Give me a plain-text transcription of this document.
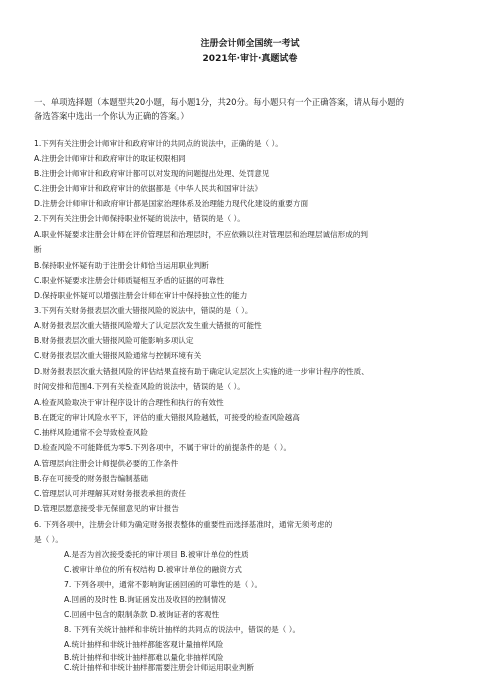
注册会计师全国统一考试
2021年·审计·真题试卷
一、单项选择题（本题型共20小题，每小题1分，共20分。每小题只有一个正确答案，请从每小题的
备选答案中选出一个你认为正确的答案。）
1.下列有关注册会计师审计和政府审计的共同点的说法中，正确的是（ ）。
A.注册会计师审计和政府审计的取证权限相同
B.注册会计师审计和政府审计都可以对发现的问题提出处理、处罚意见
C.注册会计师审计和政府审计的依据都是《中华人民共和国审计法》
D.注册会计师审计和政府审计都是国家治理体系及治理能力现代化建设的重要方面
2.下列有关注册会计师保持职业怀疑的说法中，错误的是（ ）。
A.职业怀疑要求注册会计师在评价管理层和治理层时，不应依赖以往对管理层和治理层诚信形成的判
断
B.保持职业怀疑有助于注册会计师恰当运用职业判断
C.职业怀疑要求注册会计师质疑相互矛盾的证据的可靠性
D.保持职业怀疑可以增强注册会计师在审计中保持独立性的能力
3.下列有关财务报表层次重大错报风险的说法中，错误的是（ ）。
A.财务报表层次重大错报风险增大了认定层次发生重大错报的可能性
B.财务报表层次重大错报风险可能影响多项认定
C.财务报表层次重大错报风险通常与控制环境有关
D.财务报表层次重大错报风险的评估结果直接有助于确定认定层次上实施的进一步审计程序的性质、
时间安排和范围4.下列有关检查风险的说法中，错误的是（ ）。
A.检查风险取决于审计程序设计的合理性和执行的有效性
B.在既定的审计风险水平下，评估的重大错报风险越低，可接受的检查风险越高
C.抽样风险通常不会导致检查风险
D.检查风险不可能降低为零5.下列各项中，不属于审计的前提条件的是（ ）。
A.管理层向注册会计师提供必要的工作条件
B.存在可接受的财务报告编制基础
C.管理层认可并理解其对财务报表承担的责任
D.管理层愿意接受非无保留意见的审计报告
6. 下列各项中，注册会计师为确定财务报表整体的重要性而选择基准时，通常无须考虑的
是（ ）。
A.是否为首次接受委托的审计项目 B.被审计单位的性质
C.被审计单位的所有权结构 D.被审计单位的融资方式
7. 下列各项中，通常不影响询证函回函的可靠性的是（ ）。
A.回函的及时性 B.询证函发出及收回的控制情况
C.回函中包含的限制条款 D.被询证者的客观性
8. 下列有关统计抽样和非统计抽样的共同点的说法中，错误的是（ ）。
A.统计抽样和非统计抽样都能客观计量抽样风险
B.统计抽样和非统计抽样都难以量化非抽样风险
C.统计抽样和非统计抽样都需要注册会计师运用职业判断
